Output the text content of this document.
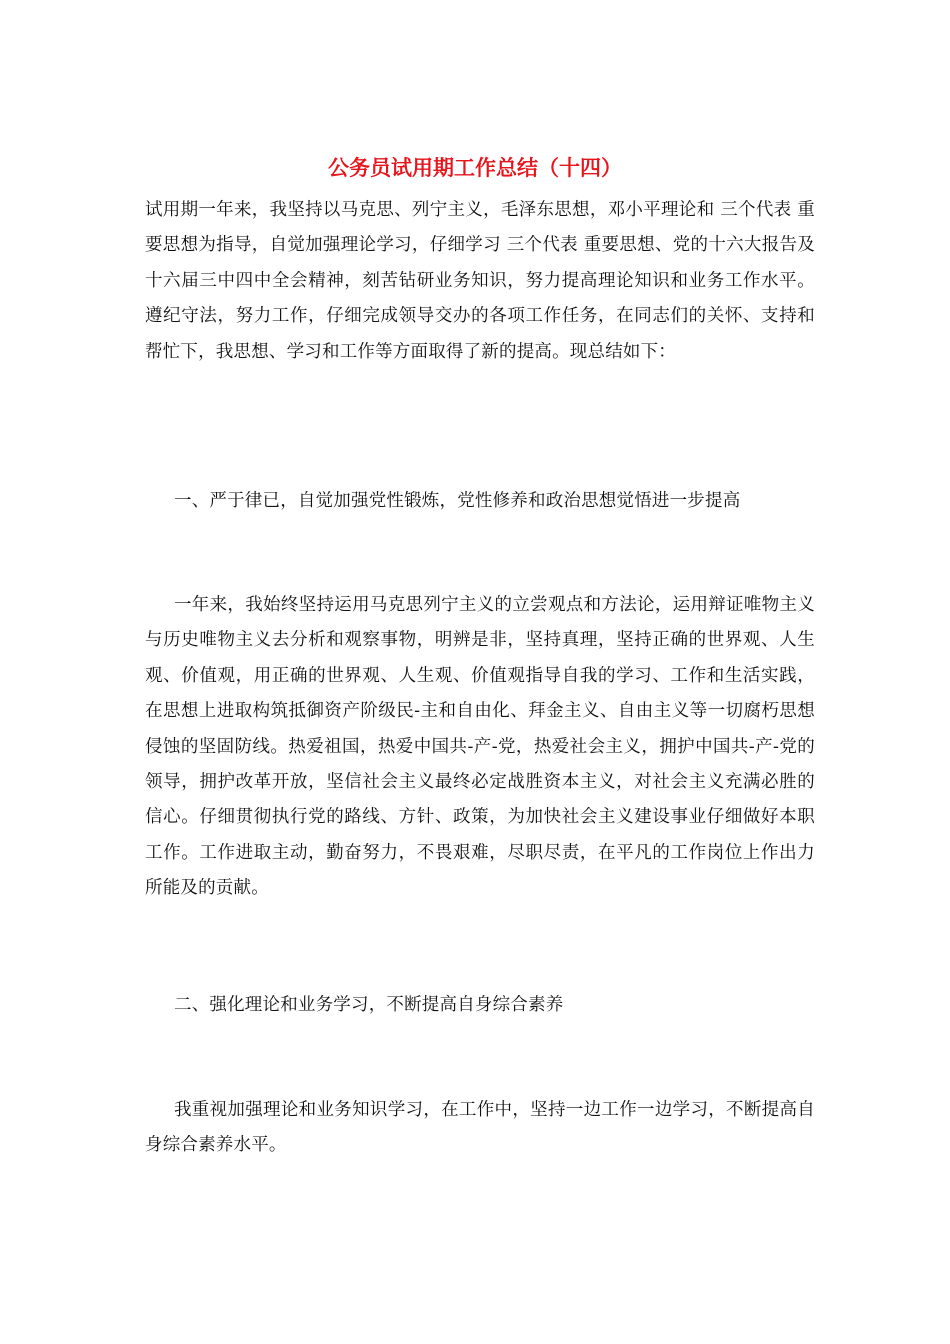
公务员试用期工作总结（十四）

试用期一年来，我坚持以马克思、列宁主义，毛泽东思想，邓小平理论和 三个代表 重要思想为指导，自觉加强理论学习，仔细学习 三个代表 重要思想、党的十六大报告及十六届三中四中全会精神，刻苦钻研业务知识，努力提高理论知识和业务工作水平。遵纪守法，努力工作，仔细完成领导交办的各项工作任务，在同志们的关怀、支持和帮忙下，我思想、学习和工作等方面取得了新的提高。现总结如下：

一、严于律已，自觉加强党性锻炼，党性修养和政治思想觉悟进一步提高

一年来，我始终坚持运用马克思列宁主义的立尝观点和方法论，运用辩证唯物主义与历史唯物主义去分析和观察事物，明辨是非，坚持真理，坚持正确的世界观、人生观、价值观，用正确的世界观、人生观、价值观指导自我的学习、工作和生活实践，在思想上进取构筑抵御资产阶级民-主和自由化、拜金主义、自由主义等一切腐朽思想侵蚀的坚固防线。热爱祖国，热爱中国共-产-党，热爱社会主义，拥护中国共-产-党的领导，拥护改革开放，坚信社会主义最终必定战胜资本主义，对社会主义充满必胜的信心。仔细贯彻执行党的路线、方针、政策，为加快社会主义建设事业仔细做好本职工作。工作进取主动，勤奋努力，不畏艰难，尽职尽责，在平凡的工作岗位上作出力所能及的贡献。

二、强化理论和业务学习，不断提高自身综合素养

我重视加强理论和业务知识学习，在工作中，坚持一边工作一边学习，不断提高自身综合素养水平。
